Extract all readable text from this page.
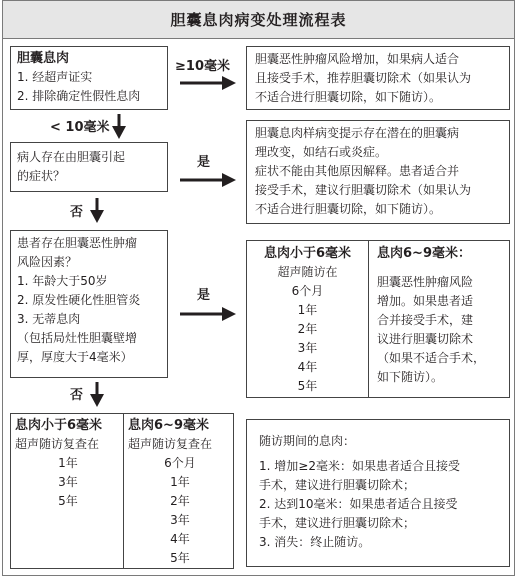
胆囊息肉病变处理流程表
胆囊息肉
1. 经超声证实
2. 排除确定性假性息肉
≥10毫米 胆囊恶性肿瘤风险增加，如果病人适合
且接受手术，推荐胆囊切除术（如果认为
不适合进行胆囊切除，如下随访）。
< 10毫米
病人存在由胆囊引起
的症状？
是
胆囊息肉样病变提示存在潜在的胆囊病
理改变，如结石或炎症。
症状不能由其他原因解释。患者适合并
接受手术，建议行胆囊切除术（如果认为
不适合进行胆囊切除，如下随访）。
否
患者存在胆囊恶性肿瘤
风险因素？
1. 年龄大于50岁
2. 原发性硬化性胆管炎
3. 无蒂息肉
（包括局灶性胆囊壁增
厚，厚度大于4毫米）
是
息肉小于6毫米
超声随访在
6个月
1年
2年
3年
4年
5年
息肉6~9毫米：
胆囊恶性肿瘤风险
增加。如果患者适
合并接受手术，建
议进行胆囊切除术
（如果不适合手术，
如下随访）。
否
息肉小于6毫米
超声随访复查在
1年
3年
5年
息肉6~9毫米
超声随访复查在
6个月
1年
2年
3年
4年
5年
随访期间的息肉：
1. 增加≥2毫米：如果患者适合且接受
手术，建议进行胆囊切除术；
2. 达到10毫米：如果患者适合且接受
手术，建议进行胆囊切除术；
3. 消失：终止随访。
